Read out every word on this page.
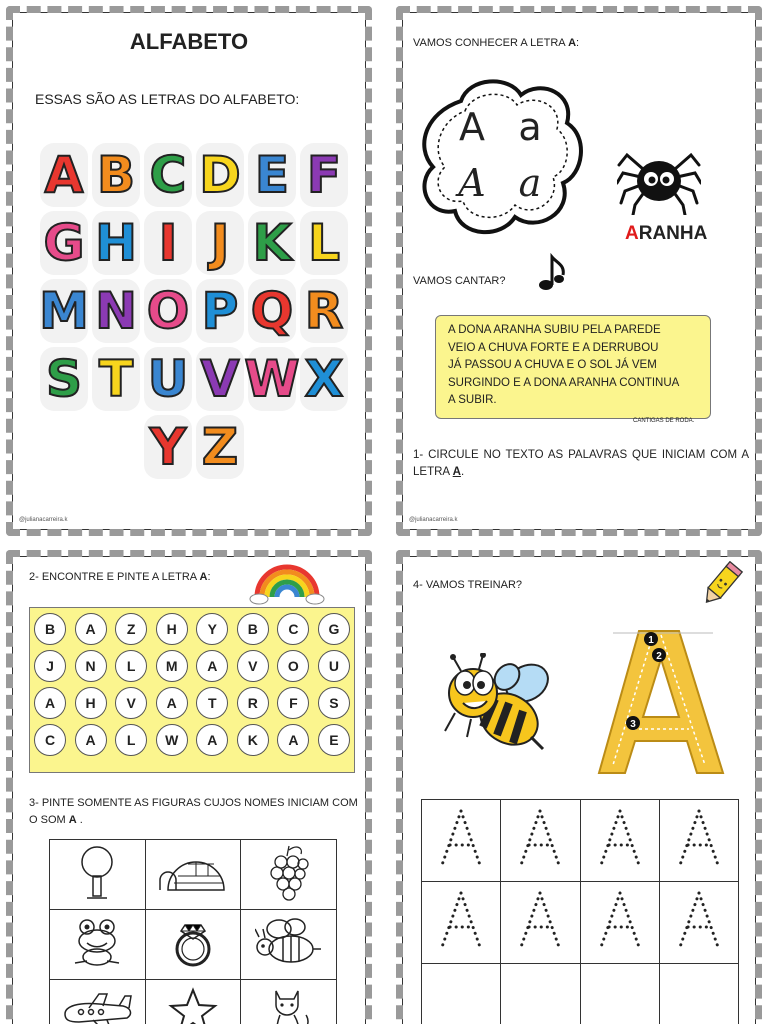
ALFABETO
ESSAS SÃO AS LETRAS DO ALFABETO:
A B C D E F
G H I J K L
M N O P Q R
S T U V W X
Y Z
@julianacarreira.k
VAMOS CONHECER A LETRA A:
A a
A a
ARANHA
VAMOS CANTAR?
A DONA ARANHA SUBIU PELA PAREDE
VEIO A CHUVA FORTE E A DERRUBOU
JÁ PASSOU A CHUVA E O SOL JÁ VEM
SURGINDO E A DONA ARANHA CONTINUA
A SUBIR.
CANTIGAS DE RODA.
1- CIRCULE NO TEXTO AS PALAVRAS QUE INICIAM COM A LETRA A.
@julianacarreira.k
2- ENCONTRE E PINTE A LETRA A:
B	A	Z	H	Y	B	C	G
J	N	L	M	A	V	O	U
A	H	V	A	T	R	F	S
C	A	L	W	A	K	A	E
3- PINTE SOMENTE AS FIGURAS CUJOS NOMES INICIAM COM O SOM A .

4- VAMOS TREINAR?
1
2
3
